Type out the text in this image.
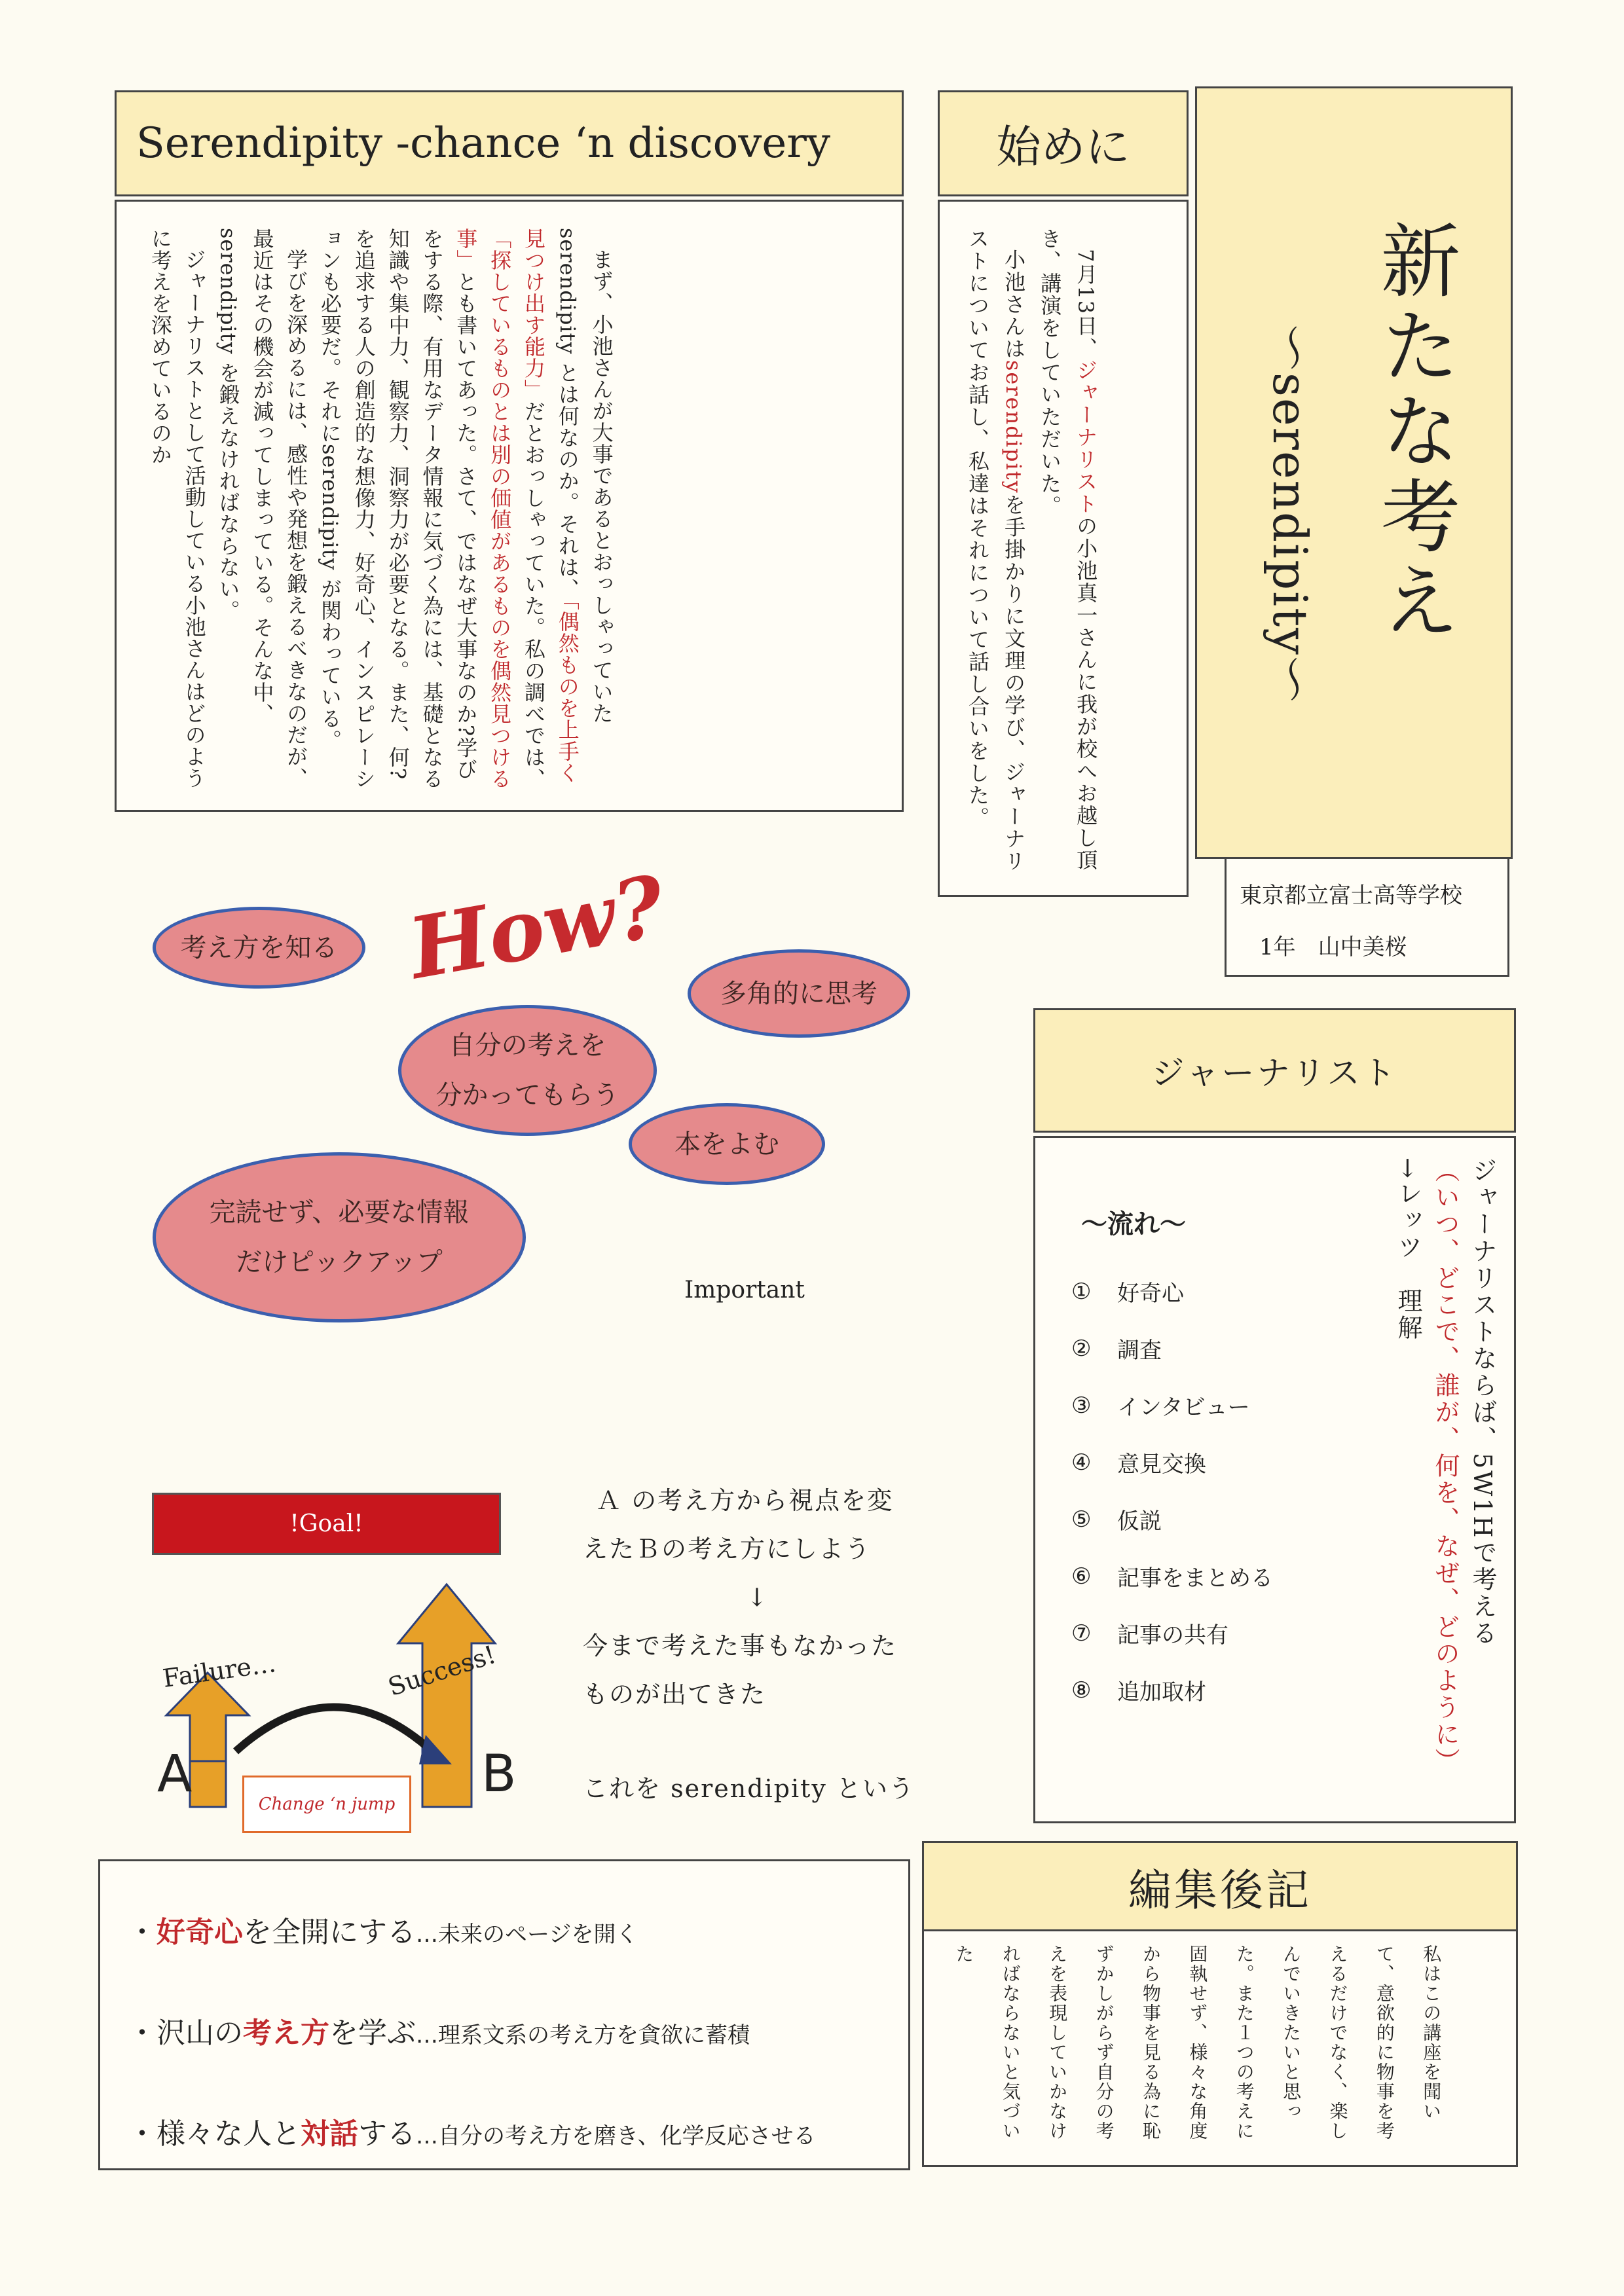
Serendipity -chance ‘n discovery
まず、小池さんが大事であるとおっしゃっていたserendipity とは何なのか。それは、「偶然ものを上手く見つけ出す能力」だとおっしゃっていた。私の調べでは、「探しているものとは別の価値があるものを偶然見つける事」とも書いてあった。さて、ではなぜ大事なのか?学びをする際、有用なデータ情報に気づく為には、基礎となる知識や集中力、観察力、洞察力が必要となる。また、何?を追求する人の創造的な想像力、好奇心、インスピレーションも必要だ。それにserendipity が関わっている。
学びを深めるには、感性や発想を鍛えるべきなのだが、最近はその機会が減ってしまっている。そんな中、serendipity を鍛えなければならない。
ジャーナリストとして活動している小池さんはどのように考えを深めているのか
始めに
7月13日、ジャーナリストの小池真一さんに我が校へお越し頂き、講演をしていただいた。
小池さんはserendipityを手掛かりに文理の学び、ジャーナリストについてお話し、私達はそれについて話し合いをした。	新たな考え
～serendipity～
東京都立富士高等学校
1年　山中美桜
How?
考え方を知る
多角的に思考
自分の考えを
分かってもらう
本をよむ
完読せず、必要な情報
だけピックアップ
Important
!Goal!
Failure…	Success!
A	B
Change ‘n jump
Ａ の考え方から視点を変
えたＢの考え方にしよう
↓
今まで考えた事もなかった
ものが出てきた
これを serendipity という
ジャーナリスト
ジャーナリストならば、5W1Hで考える
（いつ、どこで、誰が、何を、なぜ、どのように）
→レッツ　理解
～流れ～
①	好奇心
②	調査
③	インタビュー
④	意見交換
⑤	仮説
⑥	記事をまとめる
⑦	記事の共有
⑧	追加取材
・好奇心を全開にする…未来のページを開く
・沢山の考え方を学ぶ…理系文系の考え方を貪欲に蓄積
・様々な人と対話する…自分の考え方を磨き、化学反応させる
編集後記
私はこの講座を聞いて、意欲的に物事を考えるだけでなく、楽しんでいきたいと思った。また１つの考えに固執せず、様々な角度から物事を見る為に恥ずかしがらず自分の考えを表現していかなければならないと気づいた
